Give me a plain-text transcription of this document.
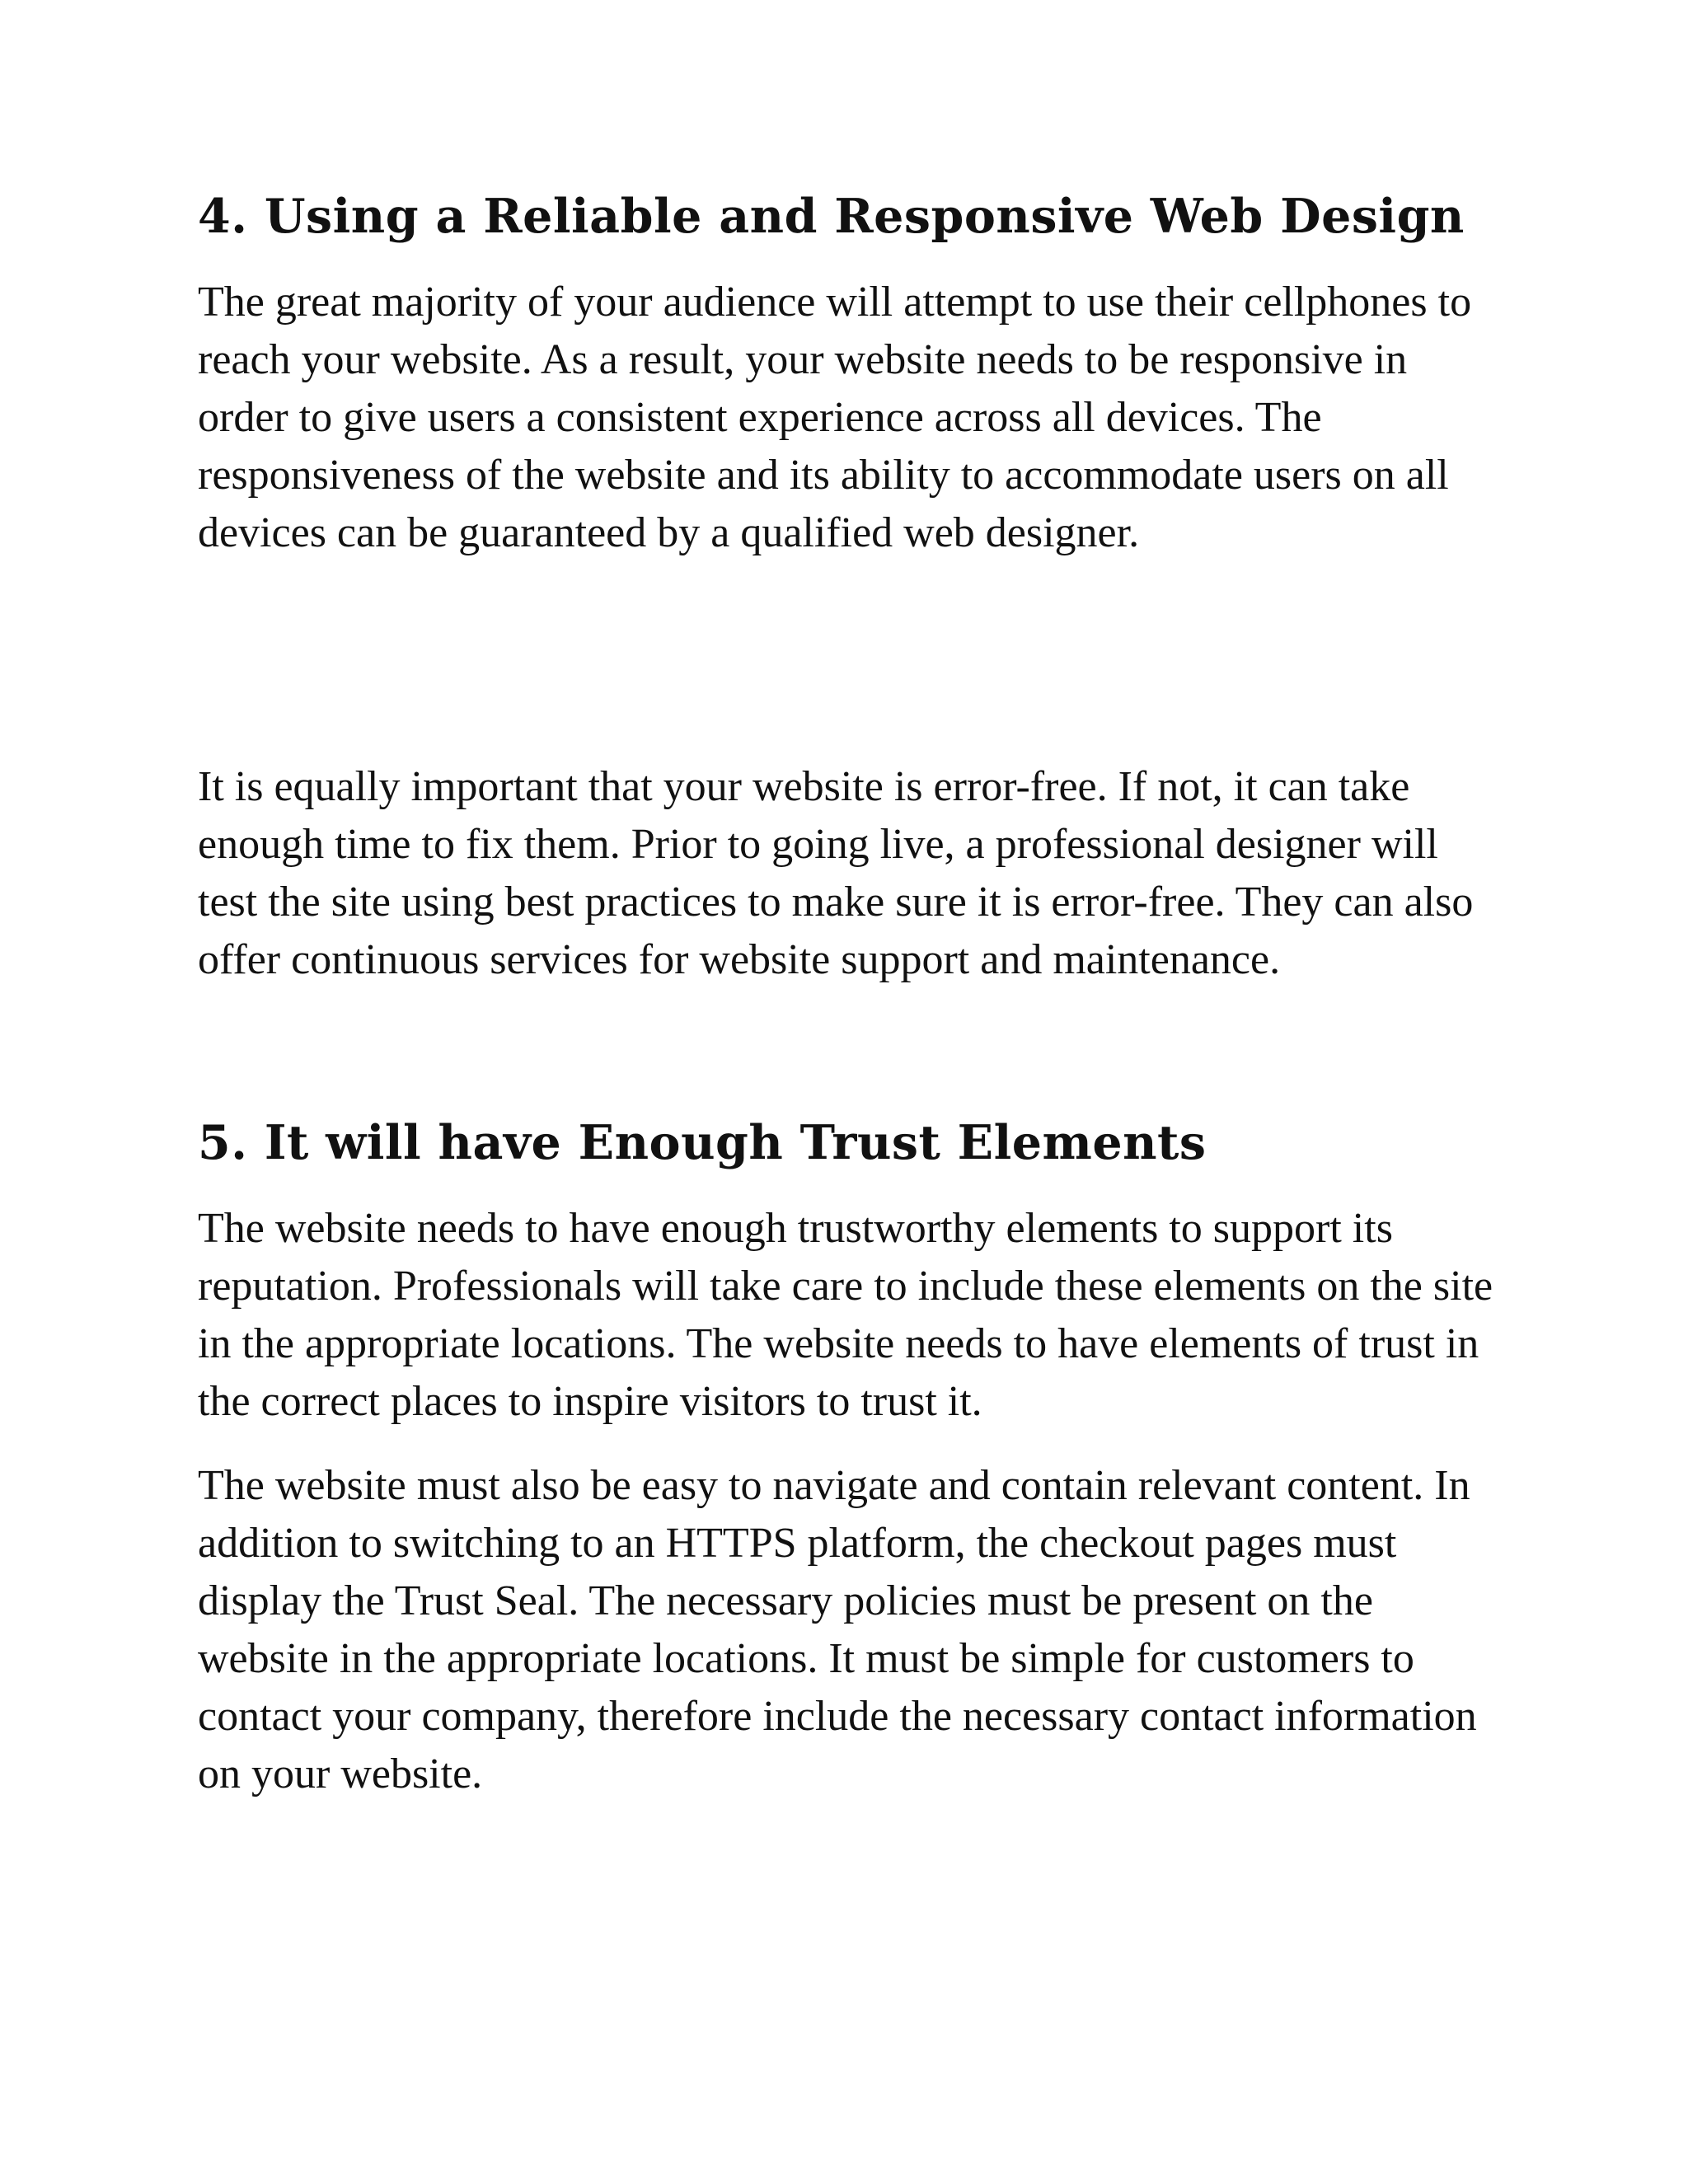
4. Using a Reliable and Responsive Web Design

The great majority of your audience will attempt to use their cellphones to reach your website. As a result, your website needs to be responsive in order to give users a consistent experience across all devices. The responsiveness of the website and its ability to accommodate users on all devices can be guaranteed by a qualified web designer.

It is equally important that your website is error-free. If not, it can take enough time to fix them. Prior to going live, a professional designer will test the site using best practices to make sure it is error-free. They can also offer continuous services for website support and maintenance.

5. It will have Enough Trust Elements

The website needs to have enough trustworthy elements to support its reputation. Professionals will take care to include these elements on the site in the appropriate locations. The website needs to have elements of trust in the correct places to inspire visitors to trust it.

The website must also be easy to navigate and contain relevant content. In addition to switching to an HTTPS platform, the checkout pages must display the Trust Seal. The necessary policies must be present on the website in the appropriate locations. It must be simple for customers to contact your company, therefore include the necessary contact information on your website.
